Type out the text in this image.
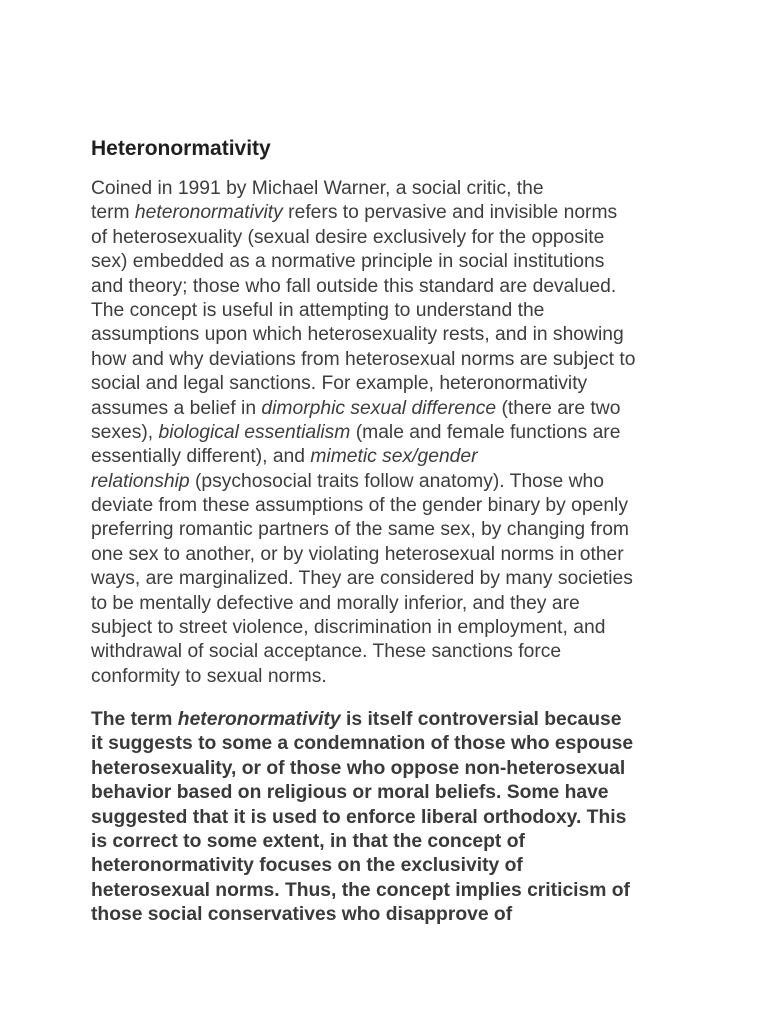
Heteronormativity

Coined in 1991 by Michael Warner, a social critic, the
term heteronormativity refers to pervasive and invisible norms
of heterosexuality (sexual desire exclusively for the opposite
sex) embedded as a normative principle in social institutions
and theory; those who fall outside this standard are devalued.
The concept is useful in attempting to understand the
assumptions upon which heterosexuality rests, and in showing
how and why deviations from heterosexual norms are subject to
social and legal sanctions. For example, heteronormativity
assumes a belief in dimorphic sexual difference (there are two
sexes), biological essentialism (male and female functions are
essentially different), and mimetic sex/gender
relationship (psychosocial traits follow anatomy). Those who
deviate from these assumptions of the gender binary by openly
preferring romantic partners of the same sex, by changing from
one sex to another, or by violating heterosexual norms in other
ways, are marginalized. They are considered by many societies
to be mentally defective and morally inferior, and they are
subject to street violence, discrimination in employment, and
withdrawal of social acceptance. These sanctions force
conformity to sexual norms.

The term heteronormativity is itself controversial because
it suggests to some a condemnation of those who espouse
heterosexuality, or of those who oppose non-heterosexual
behavior based on religious or moral beliefs. Some have
suggested that it is used to enforce liberal orthodoxy. This
is correct to some extent, in that the concept of
heteronormativity focuses on the exclusivity of
heterosexual norms. Thus, the concept implies criticism of
those social conservatives who disapprove of
